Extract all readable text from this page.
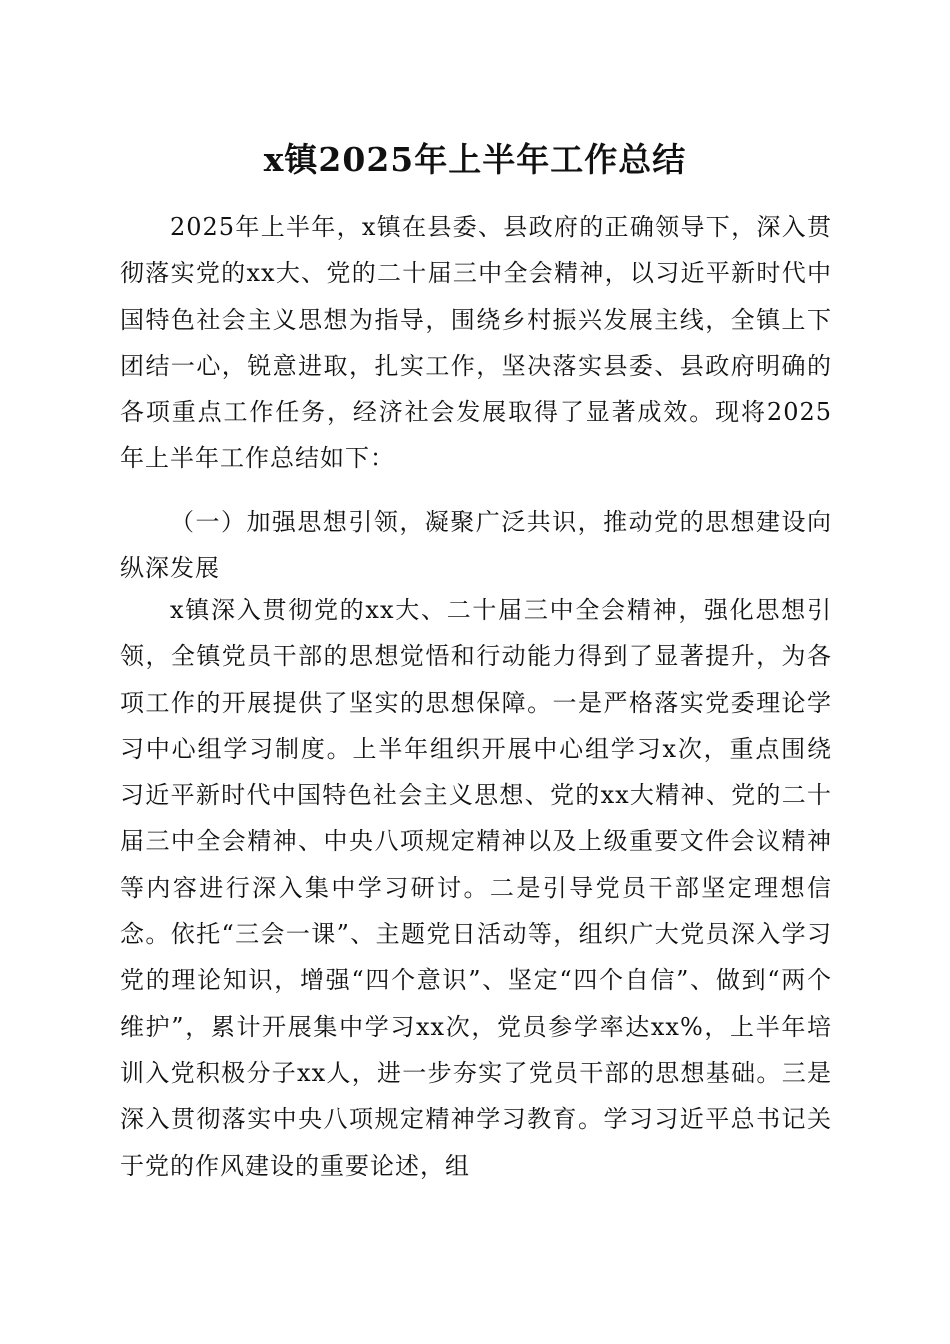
x镇2025年上半年工作总结

2025年上半年，x镇在县委、县政府的正确领导下，深入贯彻落实党的xx大、党的二十届三中全会精神，以习近平新时代中国特色社会主义思想为指导，围绕乡村振兴发展主线，全镇上下团结一心，锐意进取，扎实工作，坚决落实县委、县政府明确的各项重点工作任务，经济社会发展取得了显著成效。现将2025年上半年工作总结如下：

（一）加强思想引领，凝聚广泛共识，推动党的思想建设向纵深发展

x镇深入贯彻党的xx大、二十届三中全会精神，强化思想引领，全镇党员干部的思想觉悟和行动能力得到了显著提升，为各项工作的开展提供了坚实的思想保障。一是严格落实党委理论学习中心组学习制度。上半年组织开展中心组学习x次，重点围绕习近平新时代中国特色社会主义思想、党的xx大精神、党的二十届三中全会精神、中央八项规定精神以及上级重要文件会议精神等内容进行深入集中学习研讨。二是引导党员干部坚定理想信念。依托“三会一课”、主题党日活动等，组织广大党员深入学习党的理论知识，增强“四个意识”、坚定“四个自信”、做到“两个维护”，累计开展集中学习xx次，党员参学率达xx%，上半年培训入党积极分子xx人，进一步夯实了党员干部的思想基础。三是深入贯彻落实中央八项规定精神学习教育。学习习近平总书记关于党的作风建设的重要论述，组
